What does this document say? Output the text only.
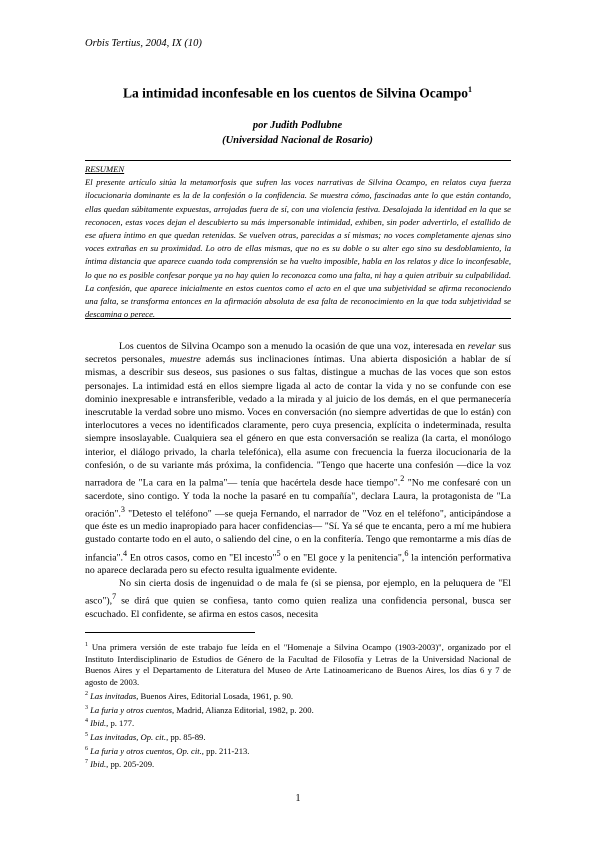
Orbis Tertius, 2004, IX (10)
La intimidad inconfesable en los cuentos de Silvina Ocampo$^1$
por Judith Podlubne
(Universidad Nacional de Rosario)
RESUMEN
El presente artículo sitúa la metamorfosis que sufren las voces narrativas de Silvina Ocampo, en relatos cuya fuerza ilocucionaria dominante es la de la confesión o la confidencia. Se muestra cómo, fascinadas ante lo que están contando, ellas quedan súbitamente expuestas, arrojadas fuera de sí, con una violencia festiva. Desalojada la identidad en la que se reconocen, estas voces dejan el descubierto su más impersonable intimidad, exhiben, sin poder advertirlo, el estallido de ese afuera íntimo en que quedan retenidas. Se vuelven otras, parecidas a sí mismas; no voces completamente ajenas sino voces extrañas en su proximidad. Lo otro de ellas mismas, que no es su doble o su alter ego sino su desdoblamiento, la íntima distancia que aparece cuando toda comprensión se ha vuelto imposible, habla en los relatos y dice lo inconfesable, lo que no es posible confesar porque ya no hay quien lo reconozca como una falta, ni hay a quien atribuir su culpabilidad. La confesión, que aparece inicialmente en estos cuentos como el acto en el que una subjetividad se afirma reconociendo una falta, se transforma entonces en la afirmación absoluta de esa falta de reconocimiento en la que toda subjetividad se descamina o perece.

Los cuentos de Silvina Ocampo son a menudo la ocasión de que una voz, interesada en revelar sus secretos personales, muestre además sus inclinaciones íntimas. Una abierta disposición a hablar de sí mismas, a describir sus deseos, sus pasiones o sus faltas, distingue a muchas de las voces que son estos personajes. La intimidad está en ellos siempre ligada al acto de contar la vida y no se confunde con ese dominio inexpresable e intransferible, vedado a la mirada y al juicio de los demás, en el que permanecería inescrutable la verdad sobre uno mismo. Voces en conversación (no siempre advertidas de que lo están) con interlocutores a veces no identificados claramente, pero cuya presencia, explícita o indeterminada, resulta siempre insoslayable. Cualquiera sea el género en que esta conversación se realiza (la carta, el monólogo interior, el diálogo privado, la charla telefónica), ella asume con frecuencia la fuerza ilocucionaria de la confesión, o de su variante más próxima, la confidencia. "Tengo que hacerte una confesión —dice la voz narradora de "La cara en la palma"— tenía que hacértela desde hace tiempo".$^2$ "No me confesaré con un sacerdote, sino contigo. Y toda la noche la pasaré en tu compañía", declara Laura, la protagonista de "La oración".$^3$ "Detesto el teléfono" —se queja Fernando, el narrador de "Voz en el teléfono", anticipándose a que éste es un medio inapropiado para hacer confidencias— "Sí. Ya sé que te encanta, pero a mí me hubiera gustado contarte todo en el auto, o saliendo del cine, o en la confitería. Tengo que remontarme a mis días de infancia".$^4$ En otros casos, como en "El incesto"$^5$ o en "El goce y la penitencia",$^6$ la intención performativa no aparece declarada pero su efecto resulta igualmente evidente.

No sin cierta dosis de ingenuidad o de mala fe (si se piensa, por ejemplo, en la peluquera de "El asco"),$^7$ se dirá que quien se confiesa, tanto como quien realiza una confidencia personal, busca ser escuchado. El confidente, se afirma en estos casos, necesita

$^1$ Una primera versión de este trabajo fue leída en el "Homenaje a Silvina Ocampo (1903-2003)", organizado por el Instituto Interdisciplinario de Estudios de Género de la Facultad de Filosofía y Letras de la Universidad Nacional de Buenos Aires y el Departamento de Literatura del Museo de Arte Latinoamericano de Buenos Aires, los días 6 y 7 de agosto de 2003.

$^2$ Las invitadas, Buenos Aires, Editorial Losada, 1961, p. 90.

$^3$ La furia y otros cuentos, Madrid, Alianza Editorial, 1982, p. 200.

$^4$ Ibid., p. 177.

$^5$ Las invitadas, Op. cit., pp. 85-89.

$^6$ La furia y otros cuentos, Op. cit., pp. 211-213.

$^7$ Ibid., pp. 205-209.

1
